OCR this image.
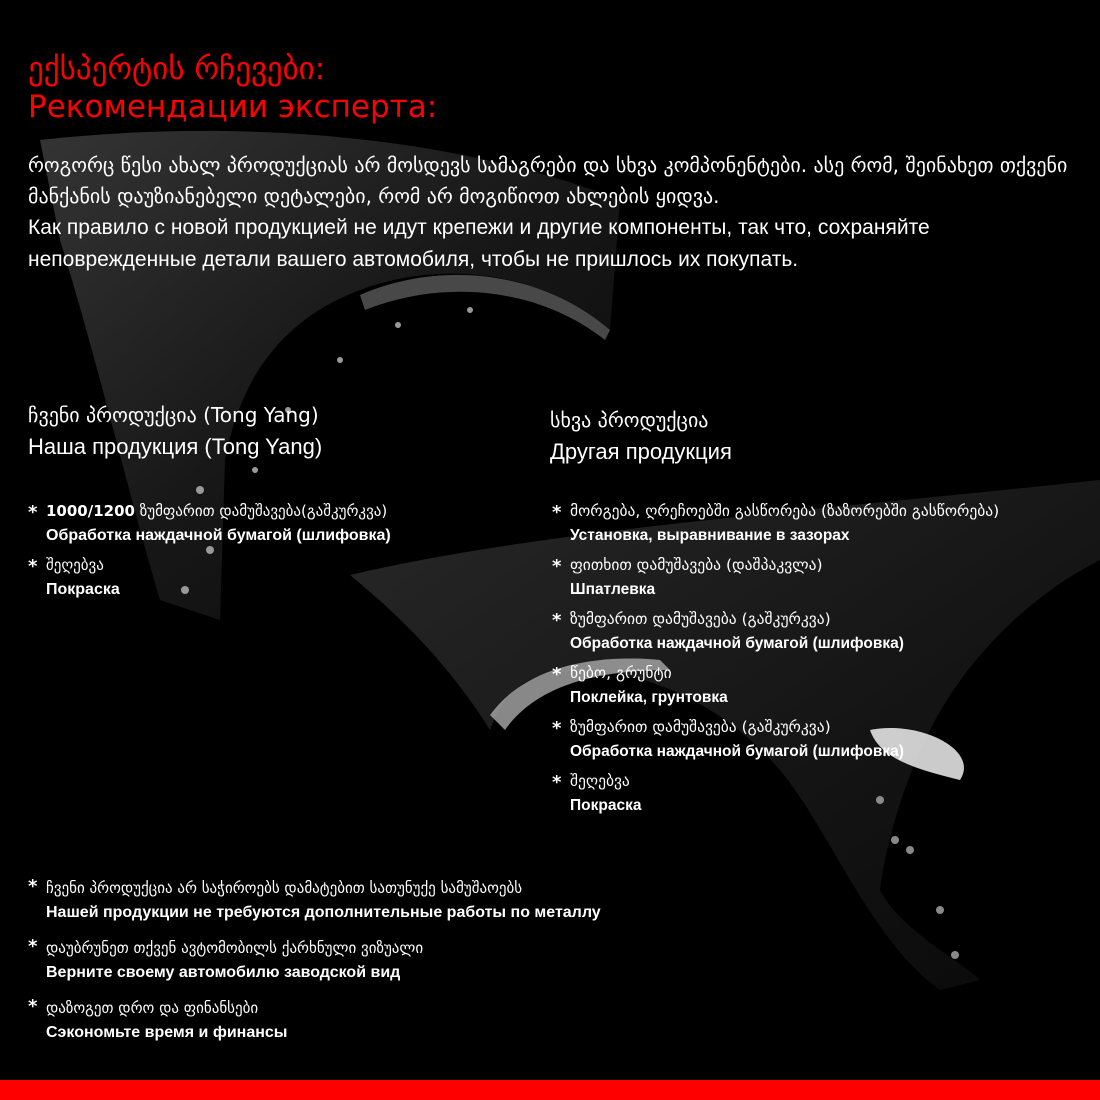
ექსპერტის რჩევები:
Рекомендации эксперта:

როგორც წესი ახალ პროდუქციას არ მოსდევს სამაგრები და სხვა კომპონენტები. ასე რომ, შეინახეთ თქვენი მანქანის დაუზიანებელი დეტალები, რომ არ მოგიწიოთ ახლების ყიდვა.

Как правило с новой продукцией не идут крепежи и другие компоненты, так что, сохраняйте неповрежденные детали вашего автомобиля, чтобы не пришлось их покупать.

ჩვენი პროდუქცია (Tong Yang)
Наша продукция (Tong Yang)
სხვა პროდუქცია
Другая продукция
* 1000/1200 ზუმფარით დამუშავება(გაშკურკვა)
Обработка наждачной бумагой (шлифовка)
* შეღებვა
Покраска
* მორგება, ღრეჩოებში გასწორება (ზაზორებში გასწორება)
Установка, выравнивание в зазорах
* ფითხით დამუშავება (დაშპაკვლა)
Шпатлевка
* ზუმფარით დამუშავება (გაშკურკვა)
Обработка наждачной бумагой (шлифовка)
* წებო, გრუნტი
Поклейка, грунтовка
* ზუმფარით დამუშავება (გაშკურკვა)
Обработка наждачной бумагой (шлифовка)
* შეღებვა
Покраска
* ჩვენი პროდუქცია არ საჭიროებს დამატებით სათუნუქე სამუშაოებს
Нашей продукции не требуются дополнительные работы по металлу
* დაუბრუნეთ თქვენ ავტომობილს ქარხნული ვიზუალი
Верните своему автомобилю заводской вид
* დაზოგეთ დრო და ფინანსები
Сэкономьте время и финансы
